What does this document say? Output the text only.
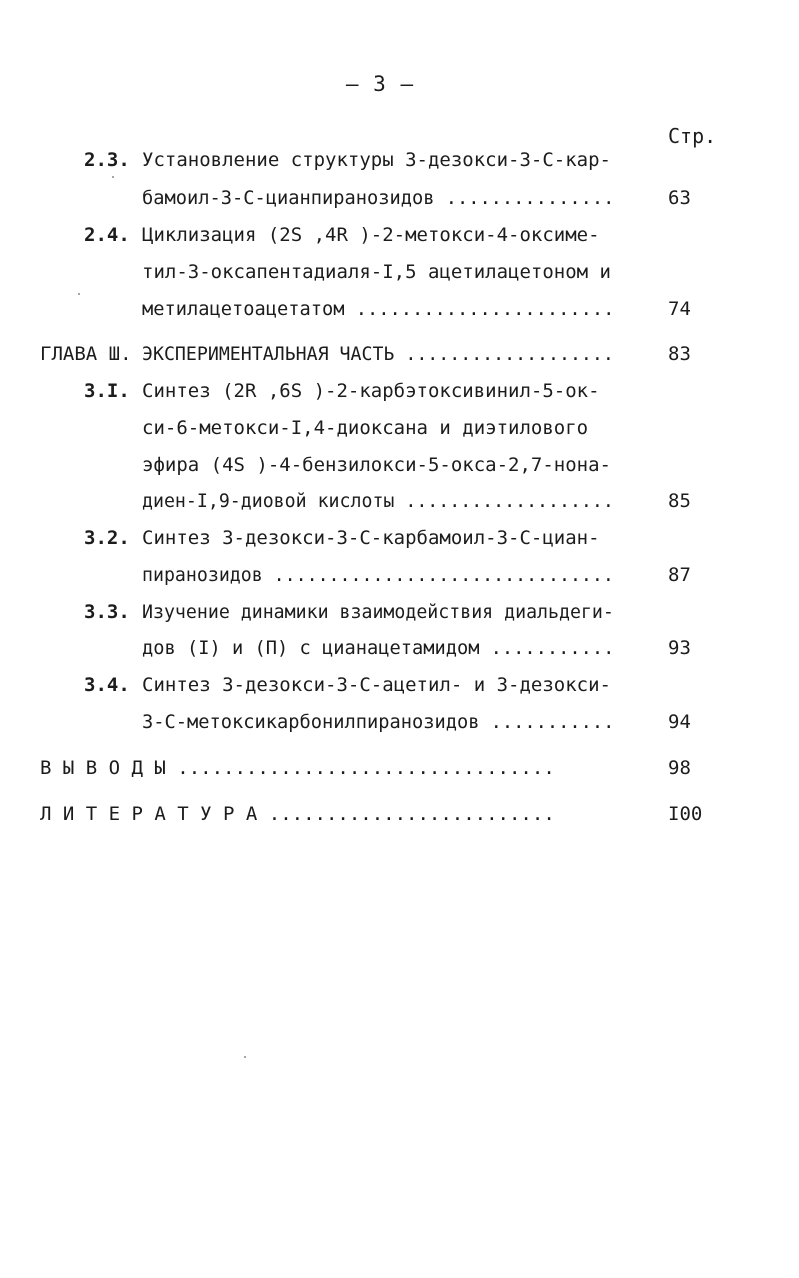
– 3 –
Стр.
2.3. Установление структуры 3-дезокси-3-С-кар-
бамоил-3-С-цианпиранозидов ...............	63
2.4. Циклизация (2S ,4R )-2-метокси-4-оксиме-
тил-3-оксапентадиаля-I,5 ацетилацетоном и
метилацетоацетатом .......................	74
ГЛАВА Ш. ЭКСПЕРИМЕНТАЛЬНАЯ ЧАСТЬ ...................	83
3.I. Синтез (2R ,6S )-2-карбэтоксивинил-5-ок-
си-6-метокси-I,4-диоксана и диэтилового
эфира (4S )-4-бензилокси-5-окса-2,7-нона-
диен-I,9-диовой кислоты ...................	85
3.2. Синтез 3-дезокси-3-С-карбамоил-3-С-циан-
пиранозидов ...............................	87
3.3. Изучение динамики взаимодействия диальдеги-
дов (I) и (П) с цианацетамидом ...........	93
3.4. Синтез 3-дезокси-3-С-ацетил- и 3-дезокси-
3-С-метоксикарбонилпиранозидов ...........	94
В Ы В О Д Ы .................................	98
Л И Т Е Р А Т У Р А .........................	I00
